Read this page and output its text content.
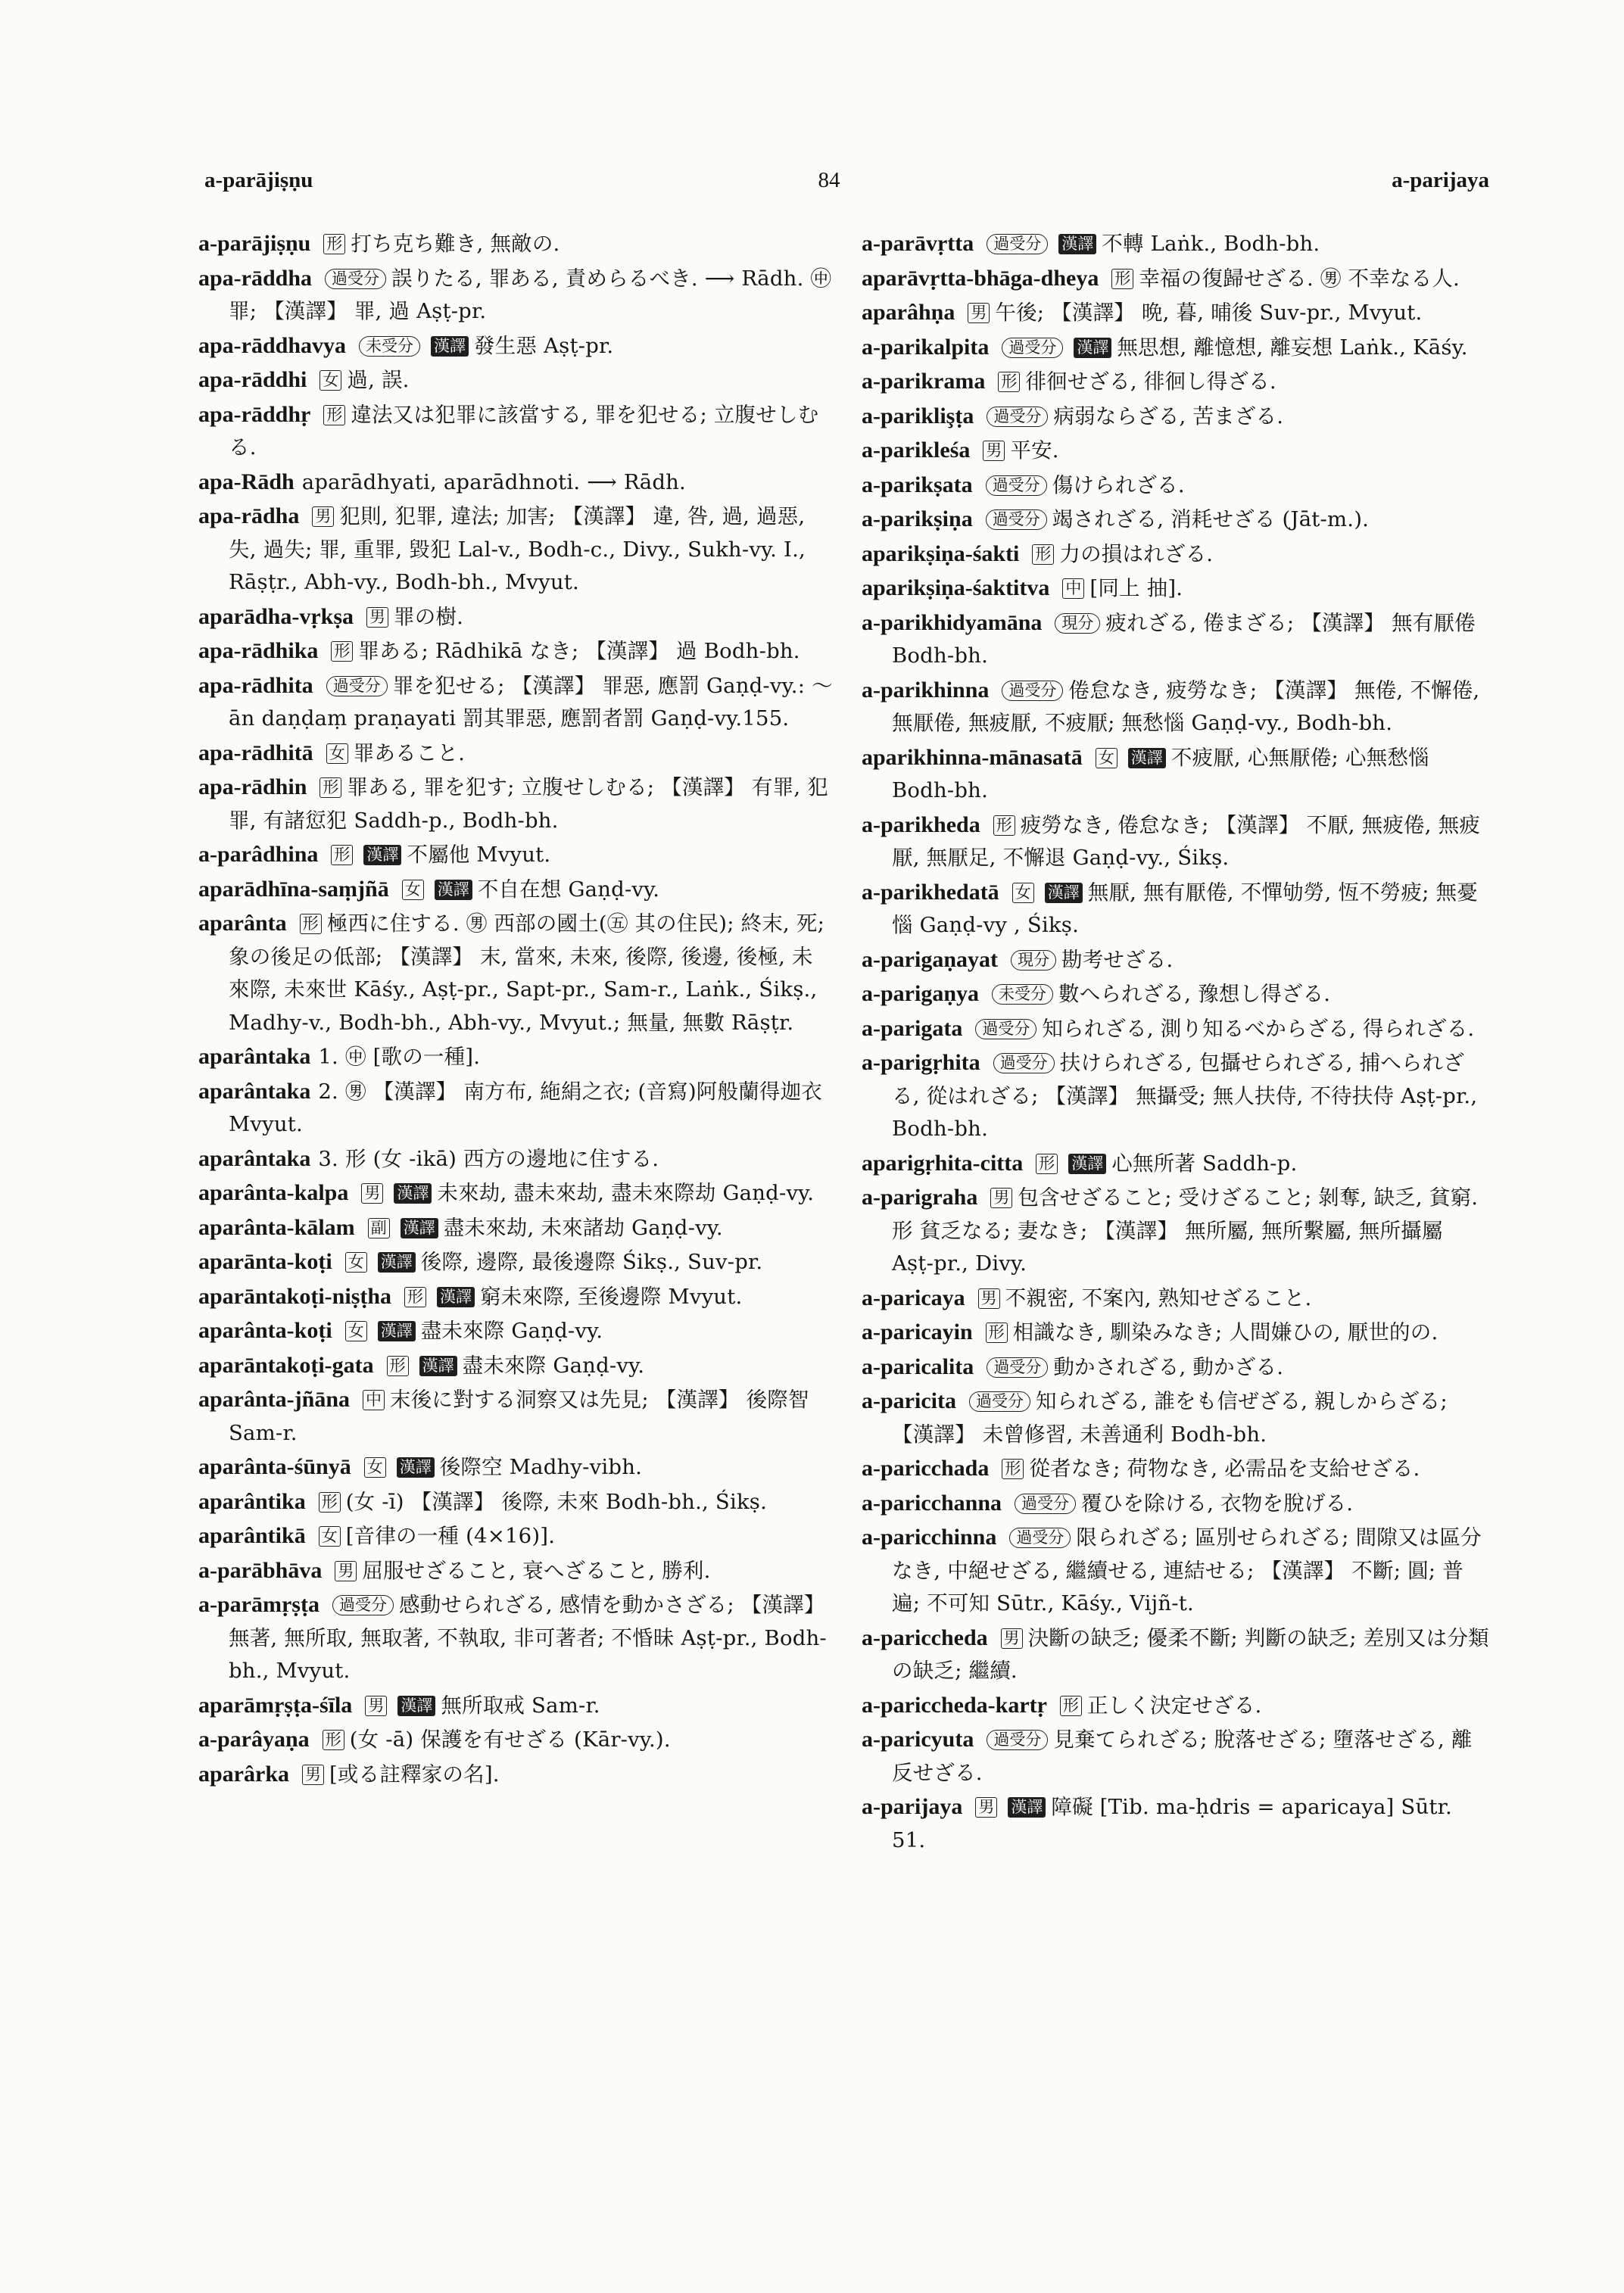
a-parājiṣṇu	84	a-parijaya

a-parājiṣṇu 形 打ち克ち難き, 無敵の.

apa-rāddha 過受分 誤りたる, 罪ある, 責めらるべき. ⟶ Rādh. ㊥ 罪; 【漢譯】 罪, 過 Aṣṭ-pr.

apa-rāddhavya 未受分 漢譯 發生惡 Aṣṭ-pr.

apa-rāddhi 女 過, 誤.

apa-rāddhṛ 形 違法又は犯罪に該當する, 罪を犯せる; 立腹せしむる.

apa-Rādh aparādhyati, aparādhnoti. ⟶ Rādh.

apa-rādha 男 犯則, 犯罪, 違法; 加害; 【漢譯】 違, 咎, 過, 過惡, 失, 過失; 罪, 重罪, 毀犯 Lal-v., Bodh-c., Divy., Sukh-vy. I., Rāṣṭr., Abh-vy., Bodh-bh., Mvyut.

aparādha-vṛkṣa 男 罪の樹.

apa-rādhika 形 罪ある; Rādhikā なき; 【漢譯】 過 Bodh-bh.

apa-rādhita 過受分 罪を犯せる; 【漢譯】 罪惡, 應罰 Gaṇḍ-vy.: 〜ān daṇḍaṃ praṇayati 罰其罪惡, 應罰者罰 Gaṇḍ-vy.155.

apa-rādhitā 女 罪あること.

apa-rādhin 形 罪ある, 罪を犯す; 立腹せしむる; 【漢譯】 有罪, 犯罪, 有諸愆犯 Saddh-p., Bodh-bh.

a-parâdhina 形 漢譯 不屬他 Mvyut.

aparādhīna-saṃjñā 女 漢譯 不自在想 Gaṇḍ-vy.

aparânta 形 極西に住する. ㊚ 西部の國土(㊄ 其の住民); 終末, 死; 象の後足の低部; 【漢譯】 末, 當來, 未來, 後際, 後邊, 後極, 未來際, 未來世 Kāśy., Aṣṭ-pr., Sapt-pr., Sam-r., Laṅk., Śikṣ., Madhy-v., Bodh-bh., Abh-vy., Mvyut.; 無量, 無數 Rāṣṭr.

aparântaka 1. ㊥ [歌の一種].

aparântaka 2. ㊚ 【漢譯】 南方布, 絁絹之衣; (音寫)阿般蘭得迦衣 Mvyut.

aparântaka 3. 形 (女 -ikā) 西方の邊地に住する.

aparânta-kalpa 男 漢譯 未來劫, 盡未來劫, 盡未來際劫 Gaṇḍ-vy.

aparânta-kālam 副 漢譯 盡未來劫, 未來諸劫 Gaṇḍ-vy.

aparānta-koṭi 女 漢譯 後際, 邊際, 最後邊際 Śikṣ., Suv-pr.

aparāntakoṭi-niṣṭha 形 漢譯 窮未來際, 至後邊際 Mvyut.

aparânta-koṭi 女 漢譯 盡未來際 Gaṇḍ-vy.

aparāntakoṭi-gata 形 漢譯 盡未來際 Gaṇḍ-vy.

aparânta-jñāna 中 末後に對する洞察又は先見; 【漢譯】 後際智 Sam-r.

aparânta-śūnyā 女 漢譯 後際空 Madhy-vibh.

aparântika 形 (女 -ī) 【漢譯】 後際, 未來 Bodh-bh., Śikṣ.

aparântikā 女 [音律の一種 (4×16)].

a-parābhāva 男 屈服せざること, 衰へざること, 勝利.

a-parāmṛṣṭa 過受分 感動せられざる, 感情を動かさざる; 【漢譯】 無著, 無所取, 無取著, 不執取, 非可著者; 不惛昧 Aṣṭ-pr., Bodh-bh., Mvyut.

aparāmṛṣṭa-śīla 男 漢譯 無所取戒 Sam-r.

a-parâyaṇa 形 (女 -ā) 保護を有せざる (Kār-vy.).

aparârka 男 [或る註釋家の名].

a-parāvṛtta 過受分 漢譯 不轉 Laṅk., Bodh-bh.

aparāvṛtta-bhāga-dheya 形 幸福の復歸せざる. ㊚ 不幸なる人.

aparâhṇa 男 午後; 【漢譯】 晩, 暮, 晡後 Suv-pr., Mvyut.

a-parikalpita 過受分 漢譯 無思想, 離憶想, 離妄想 Laṅk., Kāśy.

a-parikrama 形 徘徊せざる, 徘徊し得ざる.

a-pariklişṭa 過受分 病弱ならざる, 苦まざる.

a-parikleśa 男 平安.

a-parikṣata 過受分 傷けられざる.

a-parikṣiṇa 過受分 竭されざる, 消耗せざる (Jāt-m.).

aparikṣiṇa-śakti 形 力の損はれざる.

aparikṣiṇa-śaktitva 中 [同上 抽].

a-parikhidyamāna 現分 疲れざる, 倦まざる; 【漢譯】 無有厭倦 Bodh-bh.

a-parikhinna 過受分 倦怠なき, 疲勞なき; 【漢譯】 無倦, 不懈倦, 無厭倦, 無疲厭, 不疲厭; 無愁惱 Gaṇḍ-vy., Bodh-bh.

aparikhinna-mānasatā 女 漢譯 不疲厭, 心無厭倦; 心無愁惱 Bodh-bh.

a-parikheda 形 疲勞なき, 倦怠なき; 【漢譯】 不厭, 無疲倦, 無疲厭, 無厭足, 不懈退 Gaṇḍ-vy., Śikṣ.

a-parikhedatā 女 漢譯 無厭, 無有厭倦, 不憚劬勞, 恆不勞疲; 無憂惱 Gaṇḍ-vy , Śikṣ.

a-parigaṇayat 現分 勘考せざる.

a-parigaṇya 未受分 數へられざる, 豫想し得ざる.

a-parigata 過受分 知られざる, 測り知るべからざる, 得られざる.

a-parigṛhita 過受分 扶けられざる, 包攝せられざる, 捕へられざる, 從はれざる; 【漢譯】 無攝受; 無人扶侍, 不待扶侍 Aṣṭ-pr., Bodh-bh.

aparigṛhita-citta 形 漢譯 心無所著 Saddh-p.

a-parigraha 男 包含せざること; 受けざること; 剝奪, 缺乏, 貧窮. 形 貧乏なる; 妻なき; 【漢譯】 無所屬, 無所繫屬, 無所攝屬 Aṣṭ-pr., Divy.

a-paricaya 男 不親密, 不案內, 熟知せざること.

a-paricayin 形 相識なき, 馴染みなき; 人間嫌ひの, 厭世的の.

a-paricalita 過受分 動かされざる, 動かざる.

a-paricita 過受分 知られざる, 誰をも信ぜざる, 親しからざる; 【漢譯】 未曾修習, 未善通利 Bodh-bh.

a-paricchada 形 從者なき; 荷物なき, 必需品を支給せざる.

a-paricchanna 過受分 覆ひを除ける, 衣物を脫げる.

a-paricchinna 過受分 限られざる; 區別せられざる; 間隙又は區分なき, 中絕せざる, 繼續せる, 連結せる; 【漢譯】 不斷; 圓; 普遍; 不可知 Sūtr., Kāśy., Vijñ-t.

a-pariccheda 男 決斷の缺乏; 優柔不斷; 判斷の缺乏; 差別又は分類の缺乏; 繼續.

a-pariccheda-kartṛ 形 正しく決定せざる.

a-paricyuta 過受分 見棄てられざる; 脫落せざる; 墮落せざる, 離反せざる.

a-parijaya 男 漢譯 障礙 [Tib. ma-ḥdris = aparicaya] Sūtr. 51.
